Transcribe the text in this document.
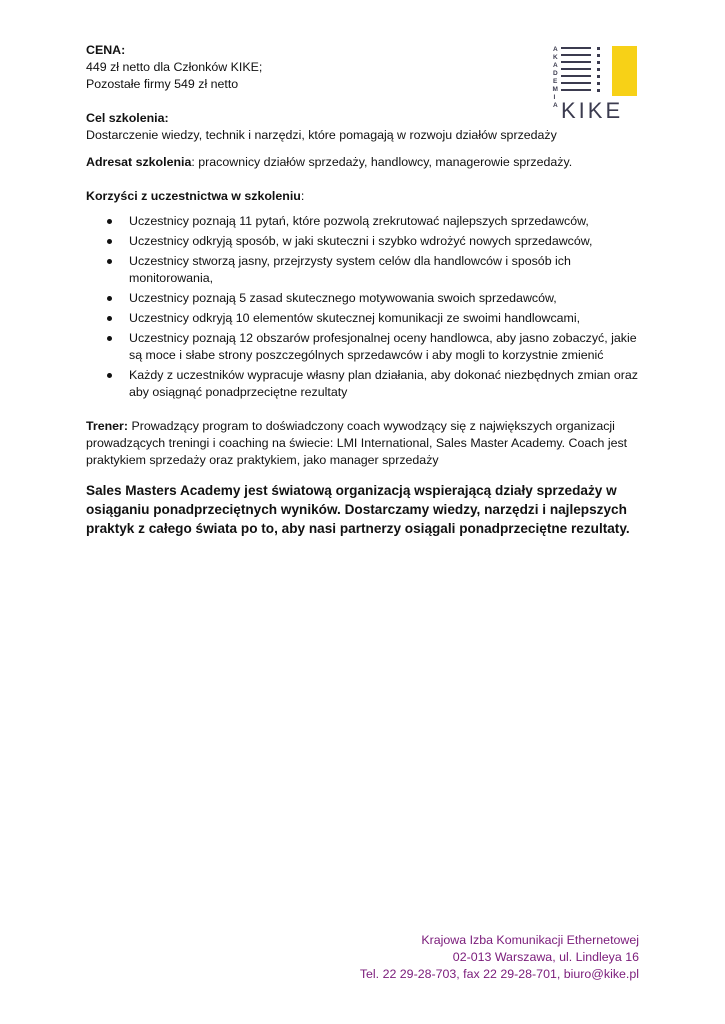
A
K
A
D
E
M
I
A KIKE

CENA:

449 zł netto dla Członków KIKE;

Pozostałe firmy 549 zł netto

Cel szkolenia:

Dostarczenie wiedzy, technik i narzędzi, które pomagają w rozwoju działów sprzedaży

Adresat szkolenia: pracownicy działów sprzedaży, handlowcy, managerowie sprzedaży.

Korzyści z uczestnictwa w szkoleniu:

Uczestnicy poznają 11 pytań, które pozwolą zrekrutować najlepszych sprzedawców,
Uczestnicy odkryją sposób, w jaki skuteczni i szybko wdrożyć nowych sprzedawców,
Uczestnicy stworzą jasny, przejrzysty system celów dla handlowców i sposób ich monitorowania,
Uczestnicy poznają 5 zasad skutecznego motywowania swoich sprzedawców,
Uczestnicy odkryją 10 elementów skutecznej komunikacji ze swoimi handlowcami,
Uczestnicy poznają 12 obszarów profesjonalnej oceny handlowca, aby jasno zobaczyć, jakie są moce i słabe strony poszczególnych sprzedawców i aby mogli to korzystnie zmienić
Każdy z uczestników wypracuje własny plan działania, aby dokonać niezbędnych zmian oraz aby osiągnąć ponadprzeciętne rezultaty

Trener: Prowadzący program to doświadczony coach wywodzący się z największych organizacji prowadzących treningi i coaching na świecie: LMI International, Sales Master Academy. Coach jest praktykiem sprzedaży oraz praktykiem, jako manager sprzedaży

Sales Masters Academy jest światową organizacją wspierającą działy sprzedaży w osiąganiu ponadprzeciętnych wyników. Dostarczamy wiedzy, narzędzi i najlepszych praktyk z całego świata po to, aby nasi partnerzy osiągali ponadprzeciętne rezultaty.

Krajowa Izba Komunikacji Ethernetowej

02-013 Warszawa, ul. Lindleya 16

Tel. 22 29-28-703, fax 22 29-28-701, biuro@kike.pl
